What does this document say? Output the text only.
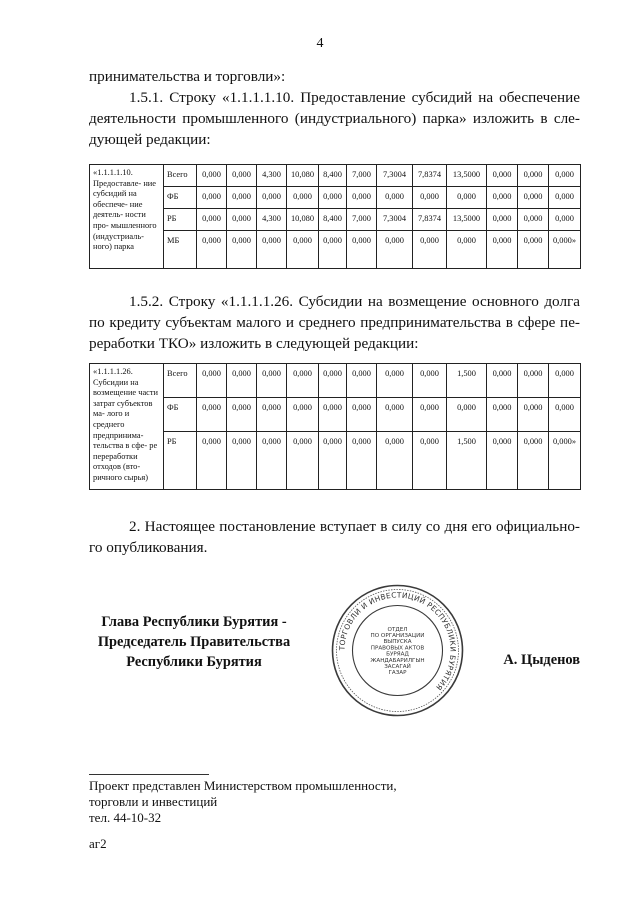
4

принимательства и торговли»:

1.5.1. Строку «1.1.1.1.10. Предоставление субсидий на обеспечение

деятельности промышленного (индустриального) парка» изложить в сле-

дующей редакции:

«1.1.1.1.10. Предоставле- ние субсидий на обеспече- ние деятель- ности про- мышленного (индустриаль- ного) парка	Всего	0,000	0,000	4,300	10,080	8,400	7,000	7,3004	7,8374	13,5000	0,000	0,000	0,000
	ФБ	0,000	0,000	0,000	0,000	0,000	0,000	0,000	0,000	0,000	0,000	0,000	0,000
	РБ	0,000	0,000	4,300	10,080	8,400	7,000	7,3004	7,8374	13,5000	0,000	0,000	0,000
	МБ	0,000	0,000	0,000	0,000	0,000	0,000	0,000	0,000	0,000	0,000	0,000	0,000»

1.5.2. Строку «1.1.1.1.26. Субсидии на возмещение основного долга

по кредиту субъектам малого и среднего предпринимательства в сфере пе-

реработки ТКО» изложить в следующей редакции:

«1.1.1.1.26. Субсидии на возмещение части затрат субъектов ма- лого и среднего предпринима- тельства в сфе- ре переработки отходов (вто- ричного сырья)	Всего	0,000	0,000	0,000	0,000	0,000	0,000	0,000	0,000	1,500	0,000	0,000	0,000
	ФБ	0,000	0,000	0,000	0,000	0,000	0,000	0,000	0,000	0,000	0,000	0,000	0,000
	РБ	0,000	0,000	0,000	0,000	0,000	0,000	0,000	0,000	1,500	0,000	0,000	0,000»

2. Настоящее постановление вступает в силу со дня его официально-

го опубликования.

Глава Республики Бурятия -
Председатель Правительства
Республики Бурятия
ТОРГОВЛИ И ИНВЕСТИЦИЙ РЕСПУБЛИКИ БУРЯТИЯ
ОТДЕЛ
ПО ОРГАНИЗАЦИИ
ВЫПУСКА
ПРАВОВЫХ АКТОВ
БУРЯАД
ЖАНДАБАРИЛГЫН
ЗАСАГАЙ
ГАЗАР
А. Цыденов
Проект представлен Министерством промышленности,
торговли и инвестиций
тел. 44-10-32
аг2
